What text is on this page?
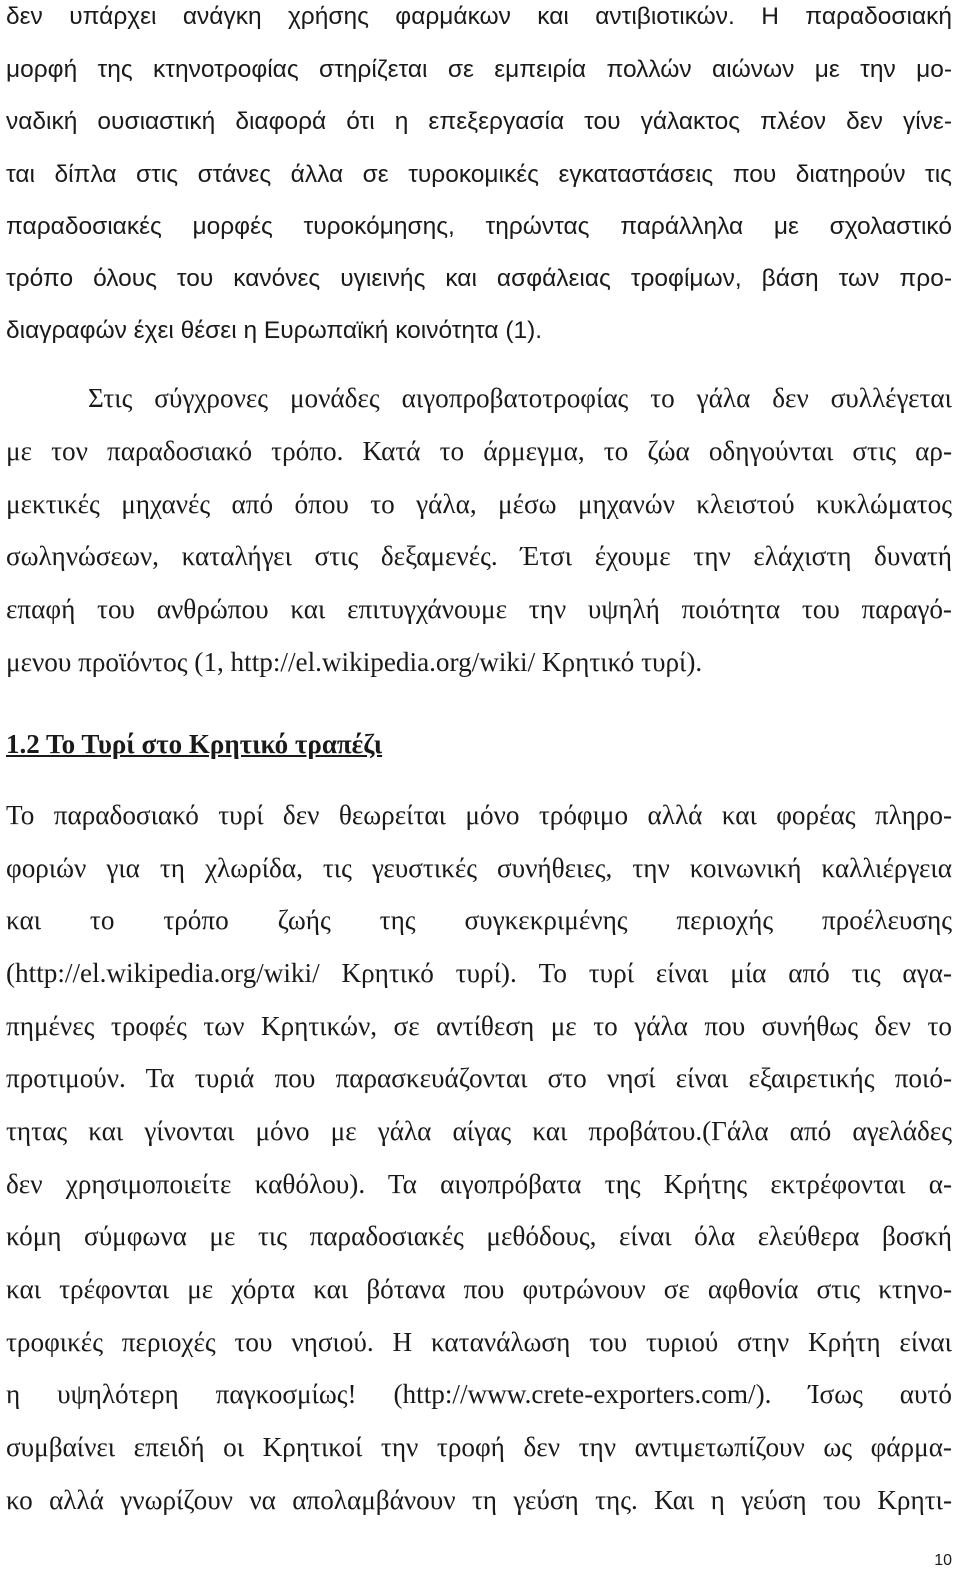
δεν υπάρχει ανάγκη χρήσης φαρμάκων και αντιβιοτικών. Η παραδοσιακή
μορφή της κτηνοτροφίας στηρίζεται σε εμπειρία πολλών αιώνων με την μο-
ναδική ουσιαστική διαφορά ότι η επεξεργασία του γάλακτος πλέον δεν γίνε-
ται δίπλα στις στάνες άλλα σε τυροκομικές εγκαταστάσεις που διατηρούν τις
παραδοσιακές μορφές τυροκόμησης, τηρώντας παράλληλα με σχολαστικό
τρόπο όλους του κανόνες υγιεινής και ασφάλειας τροφίμων, βάση των προ-
διαγραφών έχει θέσει η Ευρωπαϊκή κοινότητα (1).
Στις σύγχρονες μονάδες αιγοπροβατοτροφίας το γάλα δεν συλλέγεται
με τον παραδοσιακό τρόπο. Κατά το άρμεγμα, το ζώα οδηγούνται στις αρ-
μεκτικές μηχανές από όπου το γάλα, μέσω μηχανών κλειστού κυκλώματος
σωληνώσεων, καταλήγει στις δεξαμενές. Έτσι έχουμε την ελάχιστη δυνατή
επαφή του ανθρώπου και επιτυγχάνουμε την υψηλή ποιότητα του παραγό-
μενου προϊόντος (1, http://el.wikipedia.org/wiki/ Κρητικό τυρί).
1.2 Το Τυρί στο Κρητικό τραπέζι
Το παραδοσιακό τυρί δεν θεωρείται μόνο τρόφιμο αλλά και φορέας πληρο-
φοριών για τη χλωρίδα, τις γευστικές συνήθειες, την κοινωνική καλλιέργεια
και το τρόπο ζωής της συγκεκριμένης περιοχής προέλευσης
(http://el.wikipedia.org/wiki/ Κρητικό τυρί). Το τυρί είναι μία από τις αγα-
πημένες τροφές των Κρητικών, σε αντίθεση με το γάλα που συνήθως δεν το
προτιμούν. Τα τυριά που παρασκευάζονται στο νησί είναι εξαιρετικής ποιό-
τητας και γίνονται μόνο με γάλα αίγας και προβάτου.(Γάλα από αγελάδες
δεν χρησιμοποιείτε καθόλου). Τα αιγοπρόβατα της Κρήτης εκτρέφονται α-
κόμη σύμφωνα με τις παραδοσιακές μεθόδους, είναι όλα ελεύθερα βοσκή
και τρέφονται με χόρτα και βότανα που φυτρώνουν σε αφθονία στις κτηνο-
τροφικές περιοχές του νησιού. Η κατανάλωση του τυριού στην Κρήτη είναι
η υψηλότερη παγκοσμίως! (http://www.crete-exporters.com/). Ίσως αυτό
συμβαίνει επειδή οι Κρητικοί την τροφή δεν την αντιμετωπίζουν ως φάρμα-
κο αλλά γνωρίζουν να απολαμβάνουν τη γεύση της. Και η γεύση του Κρητι-
10
